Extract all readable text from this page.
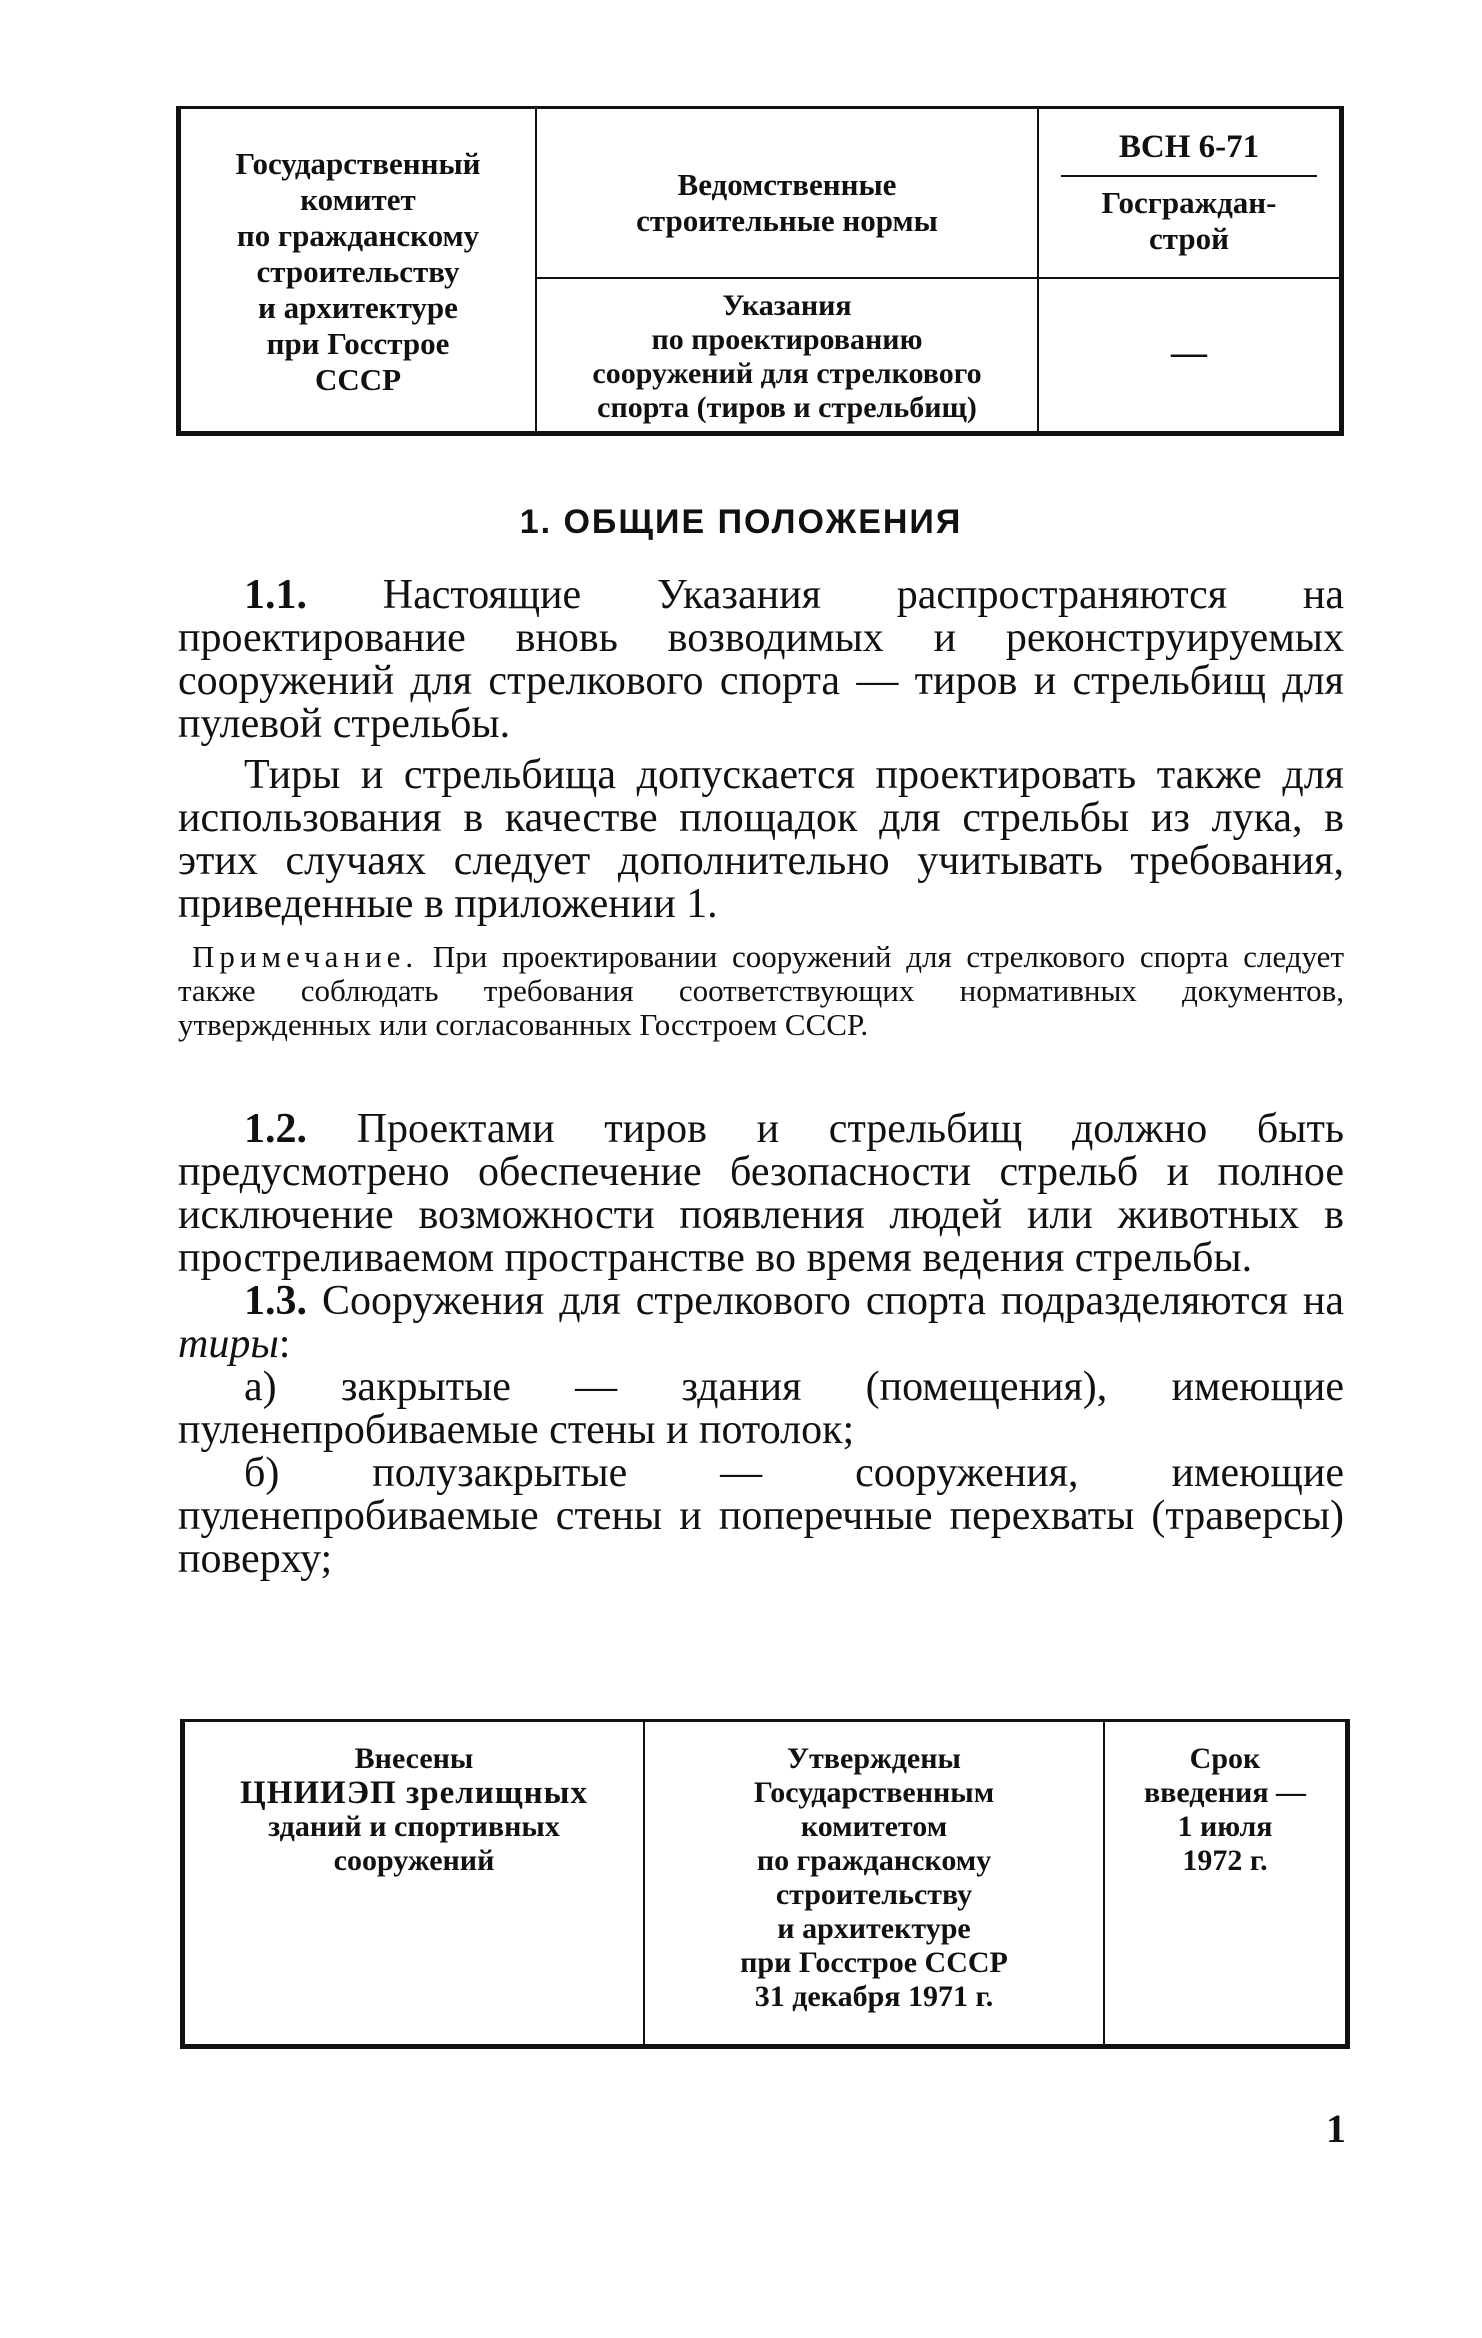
Государственный
комитет
по гражданскому
строительству
и архитектуре
при Госстрое
СССР
Ведомственные
строительные нормы
Указания
по проектированию
сооружений для стрелкового
спорта (тиров и стрельбищ)
ВСН 6-71
Госграждан-
строй
—
1. ОБЩИЕ ПОЛОЖЕНИЯ

1.1. Настоящие Указания распространяются на проектирование вновь возводимых и реконструируемых сооружений для стрелкового спорта — тиров и стрельбищ для пулевой стрельбы.

Тиры и стрельбища допускается проектировать также для использования в качестве площадок для стрельбы из лука, в этих случаях следует дополнительно учитывать требования, приведенные в приложении 1.

Примечание. При проектировании сооружений для стрелкового спорта следует также соблюдать требования соответствующих нормативных документов, утвержденных или согласованных Госстроем СССР.

1.2. Проектами тиров и стрельбищ должно быть предусмотрено обеспечение безопасности стрельб и полное исключение возможности появления людей или животных в простреливаемом пространстве во время ведения стрельбы.

1.3. Сооружения для стрелкового спорта подразделяются на тиры:

а) закрытые — здания (помещения), имеющие пуленепробиваемые стены и потолок;

б) полузакрытые — сооружения, имеющие пуленепробиваемые стены и поперечные перехваты (траверсы) поверху;

Внесены
ЦНИИЭП зрелищных
зданий и спортивных
сооружений
Утверждены
Государственным
комитетом
по гражданскому
строительству
и архитектуре
при Госстрое СССР
31 декабря 1971 г.
Срок
введения —
1 июля
1972 г.
1
